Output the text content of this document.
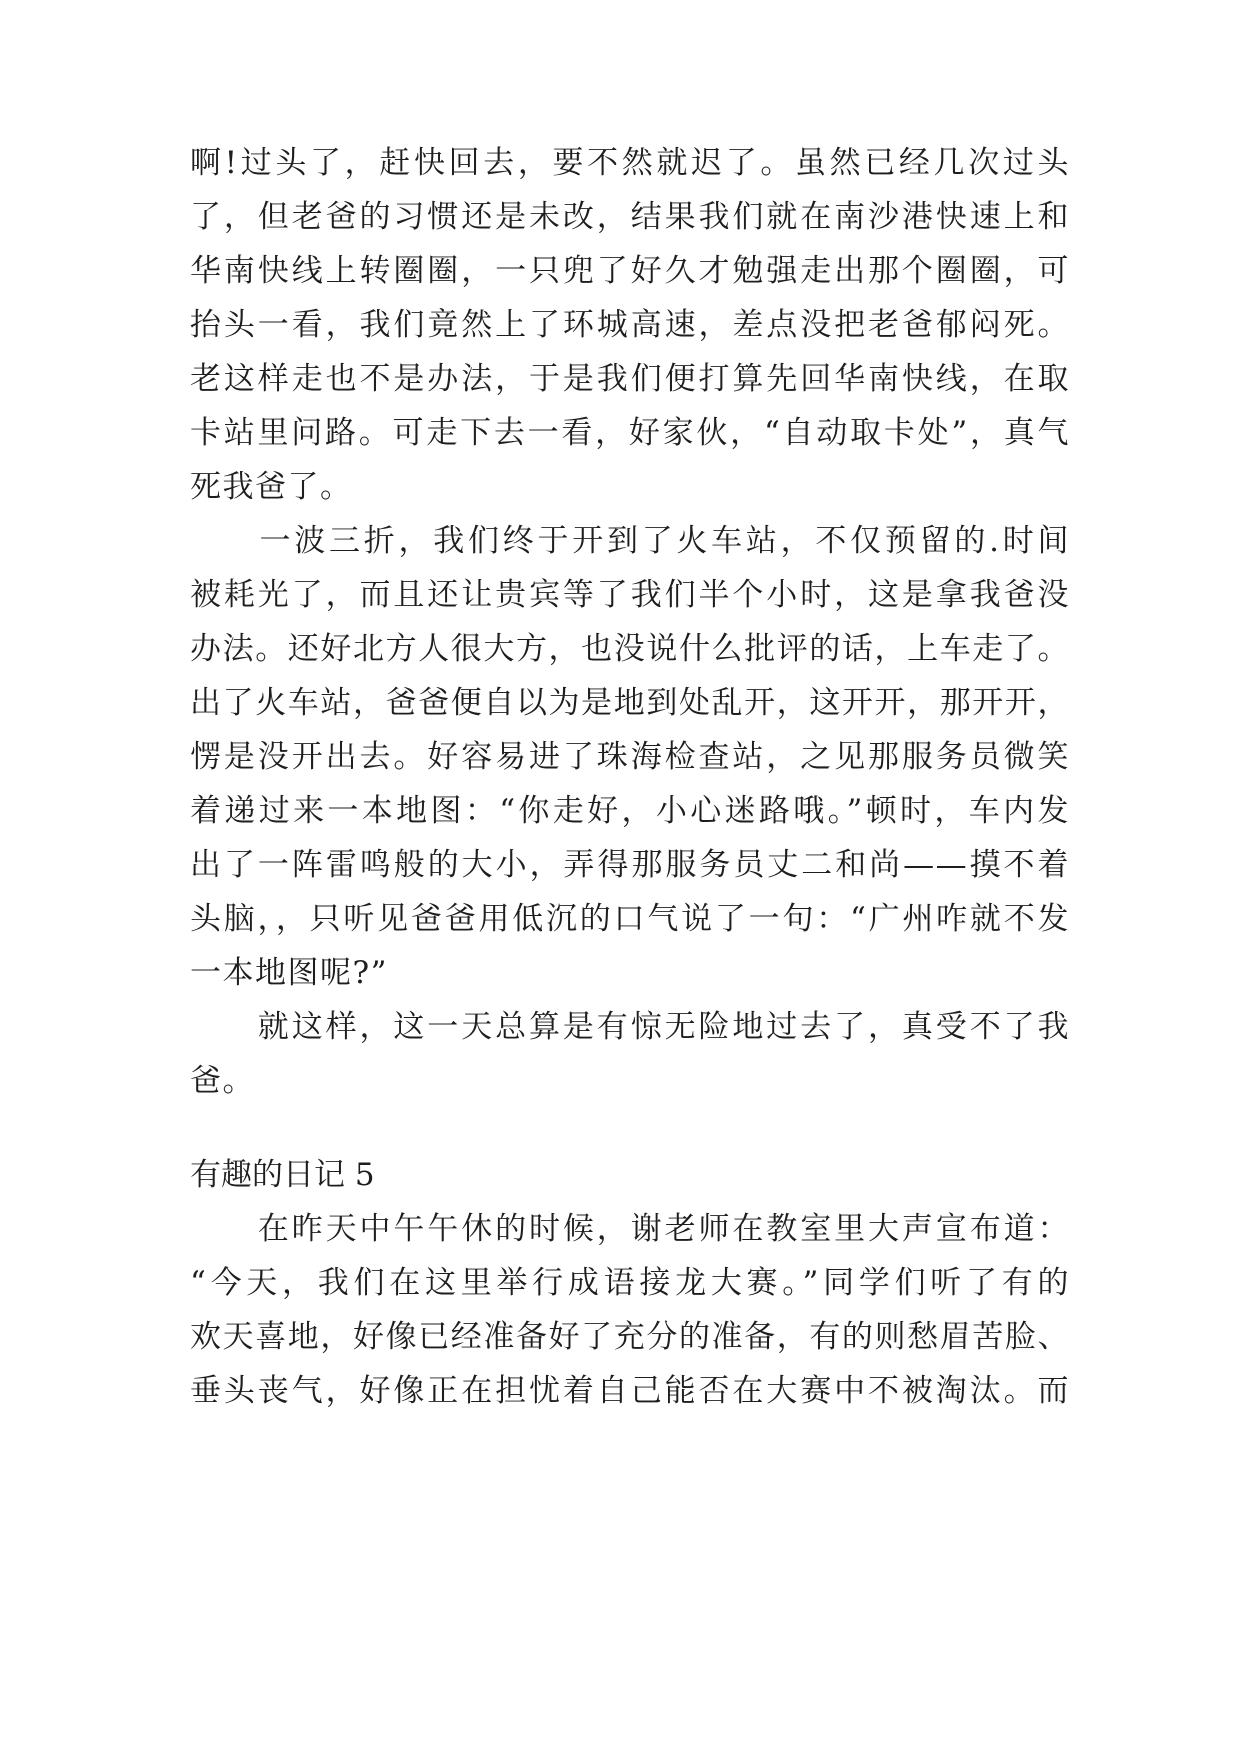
啊!过头了，赶快回去，要不然就迟了。虽然已经几次过头
了，但老爸的习惯还是未改，结果我们就在南沙港快速上和
华南快线上转圈圈，一只兜了好久才勉强走出那个圈圈，可
抬头一看，我们竟然上了环城高速，差点没把老爸郁闷死。
老这样走也不是办法，于是我们便打算先回华南快线，在取
卡站里问路。可走下去一看，好家伙，“自动取卡处”，真气
死我爸了。
　　一波三折，我们终于开到了火车站，不仅预留的.时间
被耗光了，而且还让贵宾等了我们半个小时，这是拿我爸没
办法。还好北方人很大方，也没说什么批评的话，上车走了。
出了火车站，爸爸便自以为是地到处乱开，这开开，那开开，
愣是没开出去。好容易进了珠海检查站，之见那服务员微笑
着递过来一本地图：“你走好，小心迷路哦。”顿时，车内发
出了一阵雷鸣般的大小，弄得那服务员丈二和尚——摸不着
头脑，，只听见爸爸用低沉的口气说了一句：“广州咋就不发
一本地图呢?”
　　就这样，这一天总算是有惊无险地过去了，真受不了我
爸。
有趣的日记 5
　　在昨天中午午休的时候，谢老师在教室里大声宣布道：
“今天，我们在这里举行成语接龙大赛。”同学们听了有的
欢天喜地，好像已经准备好了充分的准备，有的则愁眉苦脸、
垂头丧气，好像正在担忧着自己能否在大赛中不被淘汰。而
